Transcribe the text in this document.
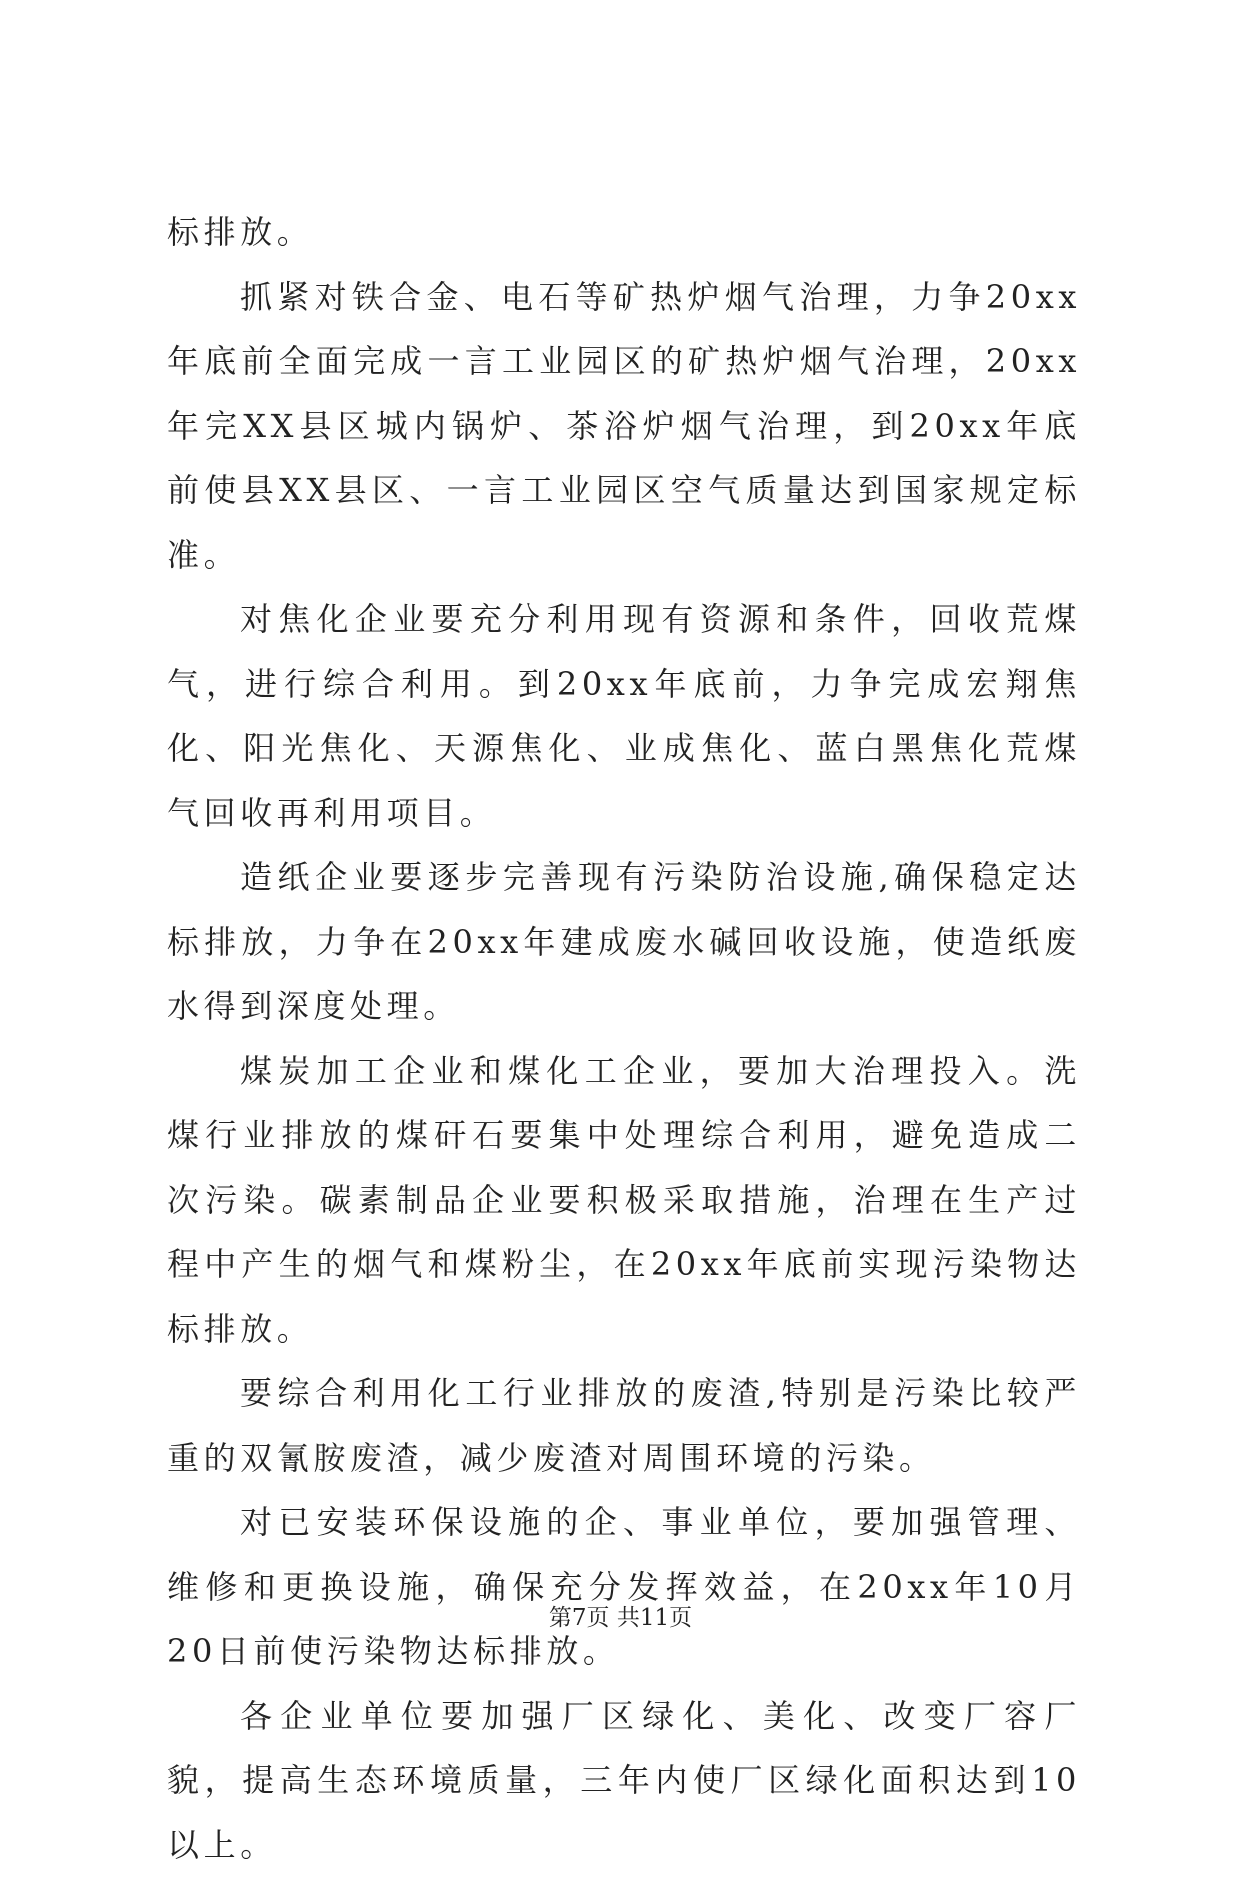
标排放。

抓紧对铁合金、电石等矿热炉烟气治理，力争20xx年底前全面完成一言工业园区的矿热炉烟气治理，20xx年完XX县区城内锅炉、茶浴炉烟气治理，到20xx年底前使县XX县区、一言工业园区空气质量达到国家规定标准。

对焦化企业要充分利用现有资源和条件，回收荒煤气，进行综合利用。到20xx年底前，力争完成宏翔焦化、阳光焦化、天源焦化、业成焦化、蓝白黑焦化荒煤气回收再利用项目。

造纸企业要逐步完善现有污染防治设施,确保稳定达标排放，力争在20xx年建成废水碱回收设施，使造纸废水得到深度处理。

煤炭加工企业和煤化工企业，要加大治理投入。洗煤行业排放的煤矸石要集中处理综合利用，避免造成二次污染。碳素制品企业要积极采取措施，治理在生产过程中产生的烟气和煤粉尘，在20xx年底前实现污染物达标排放。

要综合利用化工行业排放的废渣,特别是污染比较严重的双氰胺废渣，减少废渣对周围环境的污染。

对已安装环保设施的企、事业单位，要加强管理、维修和更换设施，确保充分发挥效益，在20xx年10月20日前使污染物达标排放。

各企业单位要加强厂区绿化、美化、改变厂容厂貌，提高生态环境质量，三年内使厂区绿化面积达到10以上。

第7页 共11页
